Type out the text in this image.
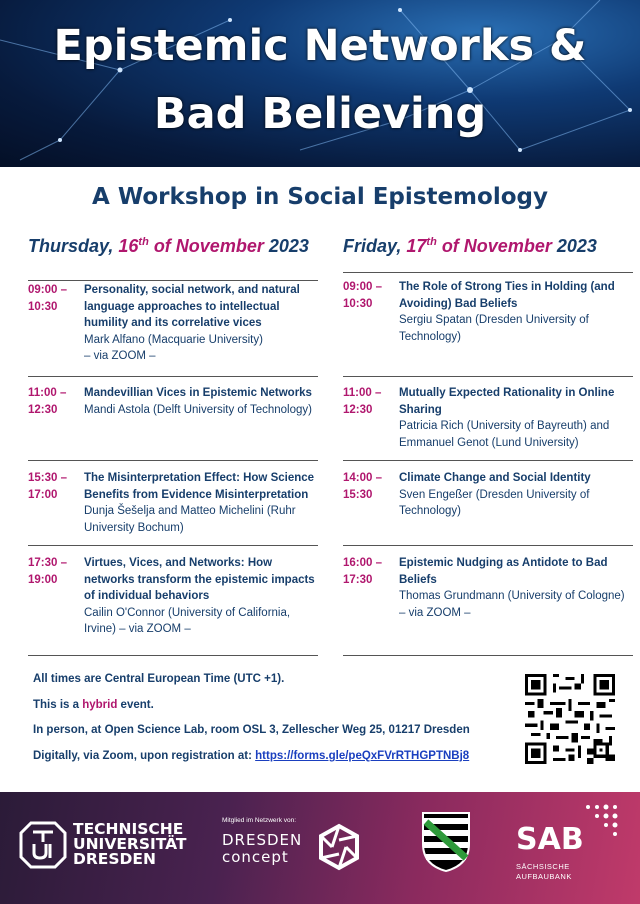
Epistemic Networks &
Bad Believing
A Workshop in Social Epistemology
Thursday, 16th of November 2023 Friday, 17th of November 2023
09:00 –
10:30
Personality, social network, and natural language approaches to intellectual humility and its correlative vices
Mark Alfano (Macquarie University)
– via ZOOM –
11:00 –
12:30
Mandevillian Vices in Epistemic Networks
Mandi Astola (Delft University of Technology)
15:30 –
17:00
The Misinterpretation Effect: How Science Benefits from Evidence Misinterpretation
Dunja Šešelja and Matteo Michelini (Ruhr University Bochum)
17:30 –
19:00
Virtues, Vices, and Networks: How networks transform the epistemic impacts of individual behaviors
Cailin O'Connor (University of California, Irvine) – via ZOOM –
09:00 –
10:30
The Role of Strong Ties in Holding (and Avoiding) Bad Beliefs
Sergiu Spatan (Dresden University of Technology)
11:00 –
12:30
Mutually Expected Rationality in Online Sharing
Patricia Rich (University of Bayreuth) and Emmanuel Genot (Lund University)
14:00 –
15:30
Climate Change and Social Identity
Sven Engeßer (Dresden University of Technology)
16:00 –
17:30
Epistemic Nudging as Antidote to Bad Beliefs
Thomas Grundmann (University of Cologne) – via ZOOM –
All times are Central European Time (UTC +1).
This is a hybrid event.
In person, at Open Science Lab, room OSL 3, Zellescher Weg 25, 01217 Dresden
Digitally, via Zoom, upon registration at: https://forms.gle/peQxFVrRTHGPTNBj8
TECHNISCHE
UNIVERSITÄT
DRESDEN
Mitglied im Netzwerk von:
DRESDEN
concept	SAB
SÄCHSISCHE
AUFBAUBANK
